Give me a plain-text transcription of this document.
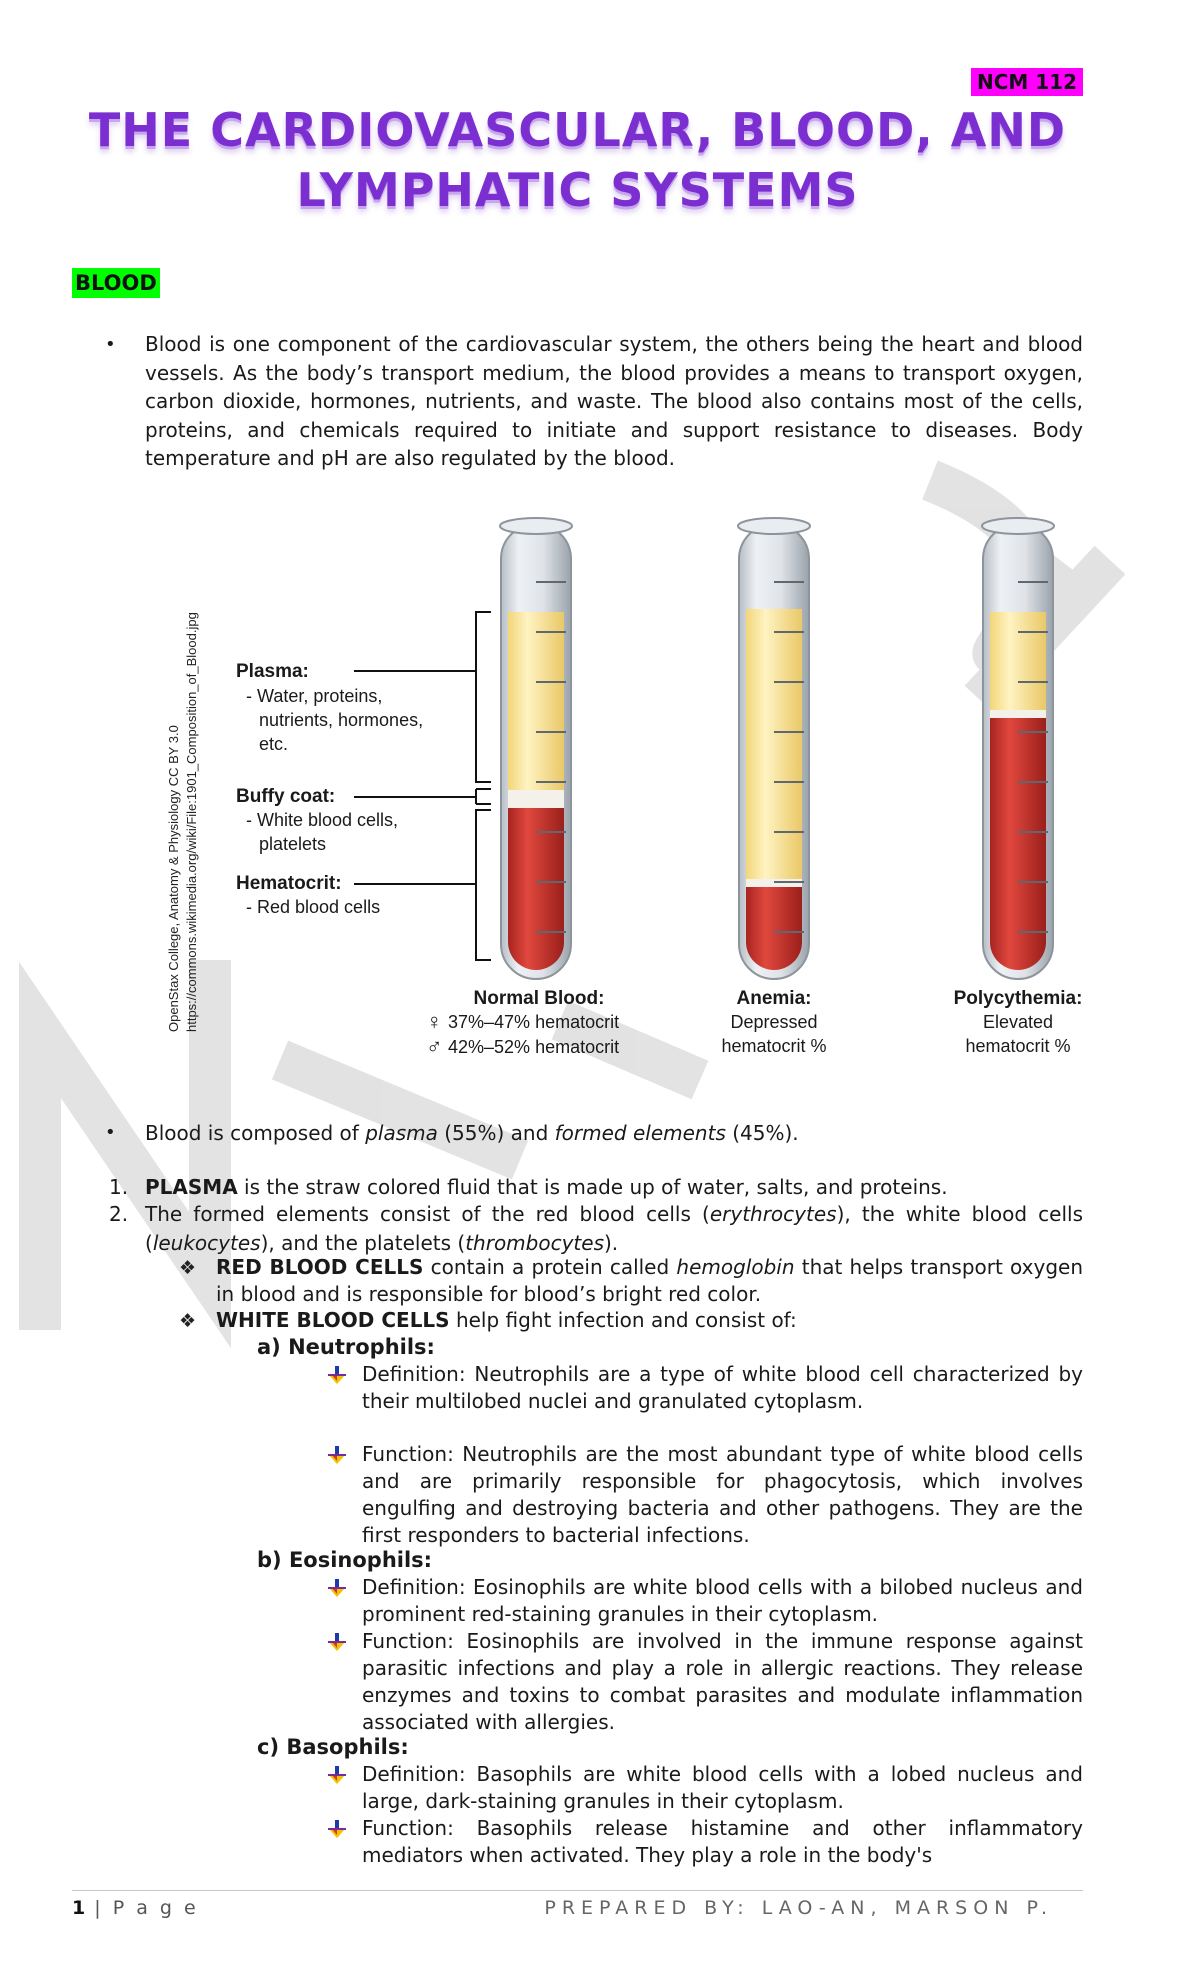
NCM 112
THE CARDIOVASCULAR, BLOOD, AND
LYMPHATIC SYSTEMS
BLOOD
• Blood is one component of the cardiovascular system, the others being the heart and blood vessels. As the body’s transport medium, the blood provides a means to transport oxygen, carbon dioxide, hormones, nutrients, and waste. The blood also contains most of the cells, proteins, and chemicals required to initiate and support resistance to diseases. Body temperature and pH are also regulated by the blood.
OpenStax College, Anatomy & Physiology CC BY 3.0 https://commons.wikimedia.org/wiki/File:1901_Composition_of_Blood.jpg Plasma:
- Water, proteins,
nutrients, hormones,
etc.
Buffy coat:
- White blood cells,
platelets
Hematocrit:
- Red blood cells
Normal Blood:
♀ 37%–47% hematocrit
♂ 42%–52% hematocrit
Anemia:
Depressed
hematocrit %
Polycythemia:
Elevated
hematocrit %
• Blood is composed of plasma (55%) and formed elements (45%).
1. PLASMA is the straw colored fluid that is made up of water, salts, and proteins.
2. The formed elements consist of the red blood cells (erythrocytes), the white blood cells (leukocytes), and the platelets (thrombocytes).
❖ RED BLOOD CELLS contain a protein called hemoglobin that helps transport oxygen in blood and is responsible for blood’s bright red color.
❖ WHITE BLOOD CELLS help fight infection and consist of:
a) Neutrophils:
Definition: Neutrophils are a type of white blood cell characterized by their multilobed nuclei and granulated cytoplasm.
Function: Neutrophils are the most abundant type of white blood cells and are primarily responsible for phagocytosis, which involves engulfing and destroying bacteria and other pathogens. They are the first responders to bacterial infections.
b) Eosinophils:
Definition: Eosinophils are white blood cells with a bilobed nucleus and prominent red-staining granules in their cytoplasm.
Function: Eosinophils are involved in the immune response against parasitic infections and play a role in allergic reactions. They release enzymes and toxins to combat parasites and modulate inflammation associated with allergies.
c) Basophils:
Definition: Basophils are white blood cells with a lobed nucleus and large, dark-staining granules in their cytoplasm.
Function: Basophils release histamine and other inflammatory mediators when activated. They play a role in the body's
1 | P a g e	PREPARED BY: LAO-AN, MARSON P.
